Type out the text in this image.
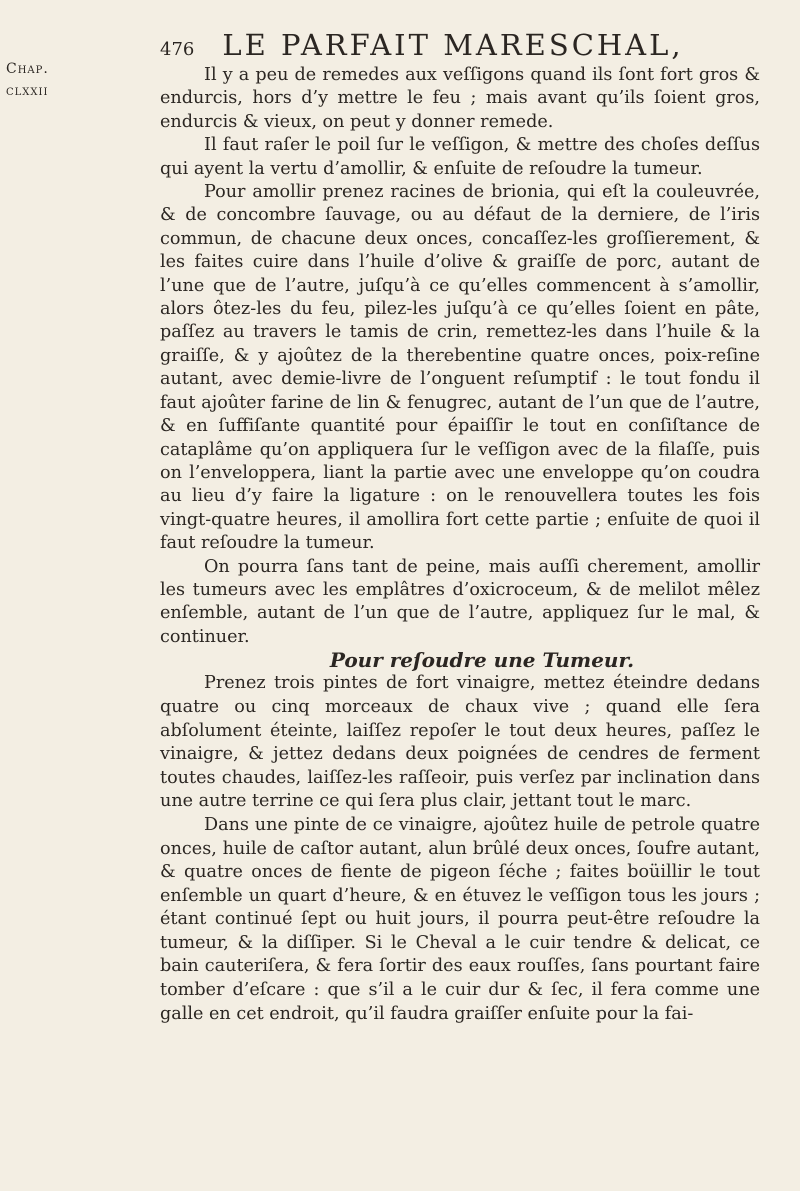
Chap.
clxxii
476 LE PARFAIT MARESCHAL,

Il y a peu de remedes aux veſſigons quand ils ſont fort gros & endurcis, hors d’y mettre le feu ; mais avant qu’ils ſoient gros, endurcis & vieux, on peut y donner remede.

Il faut raſer le poil ſur le veſſigon, & mettre des choſes deſſus qui ayent la vertu d’amollir, & enſuite de reſoudre la tumeur.

Pour amollir prenez racines de brionia, qui eſt la couleuvrée, & de concombre ſauvage, ou au défaut de la derniere, de l’iris commun, de chacune deux onces, concaſſez-les groſſierement, & les faites cuire dans l’huile d’olive & graiſſe de porc, autant de l’une que de l’autre, juſqu’à ce qu’elles commencent à s’amollir, alors ôtez-les du feu, pilez-les juſqu’à ce qu’elles ſoient en pâte, paſſez au travers le tamis de crin, remettez-les dans l’huile & la graiſſe, & y ajoûtez de la therebentine quatre onces, poix-reſine autant, avec demie-livre de l’onguent reſumptif : le tout fondu il faut ajoûter farine de lin & fenugrec, autant de l’un que de l’autre, & en ſuffiſante quantité pour épaiſſir le tout en conſiſtance de cataplâme qu’on appliquera ſur le veſſigon avec de la filaſſe, puis on l’enveloppera, liant la partie avec une enveloppe qu’on coudra au lieu d’y faire la ligature : on le renouvellera toutes les fois vingt-quatre heures, il amollira fort cette partie ; enſuite de quoi il faut reſoudre la tumeur.

On pourra ſans tant de peine, mais auſſi cherement, amollir les tumeurs avec les emplâtres d’oxicroceum, & de melilot mêlez enſemble, autant de l’un que de l’autre, appliquez ſur le mal, & continuer.

Pour reſoudre une Tumeur.

Prenez trois pintes de fort vinaigre, mettez éteindre dedans quatre ou cinq morceaux de chaux vive ; quand elle ſera abſolument éteinte, laiſſez repoſer le tout deux heures, paſſez le vinaigre, & jettez dedans deux poignées de cendres de ferment toutes chaudes, laiſſez-les raſſeoir, puis verſez par inclination dans une autre terrine ce qui ſera plus clair, jettant tout le marc.

Dans une pinte de ce vinaigre, ajoûtez huile de petrole quatre onces, huile de caſtor autant, alun brûlé deux onces, ſoufre autant, & quatre onces de fiente de pigeon ſéche ; faites boüillir le tout enſemble un quart d’heure, & en étuvez le veſſigon tous les jours ; étant continué ſept ou huit jours, il pourra peut-être reſoudre la tumeur, & la diſſiper. Si le Cheval a le cuir tendre & delicat, ce bain cauteriſera, & fera ſortir des eaux rouſſes, ſans pourtant faire tomber d’eſcare : que s’il a le cuir dur & ſec, il fera comme une galle en cet endroit, qu’il faudra graiſſer enſuite pour la fai-
